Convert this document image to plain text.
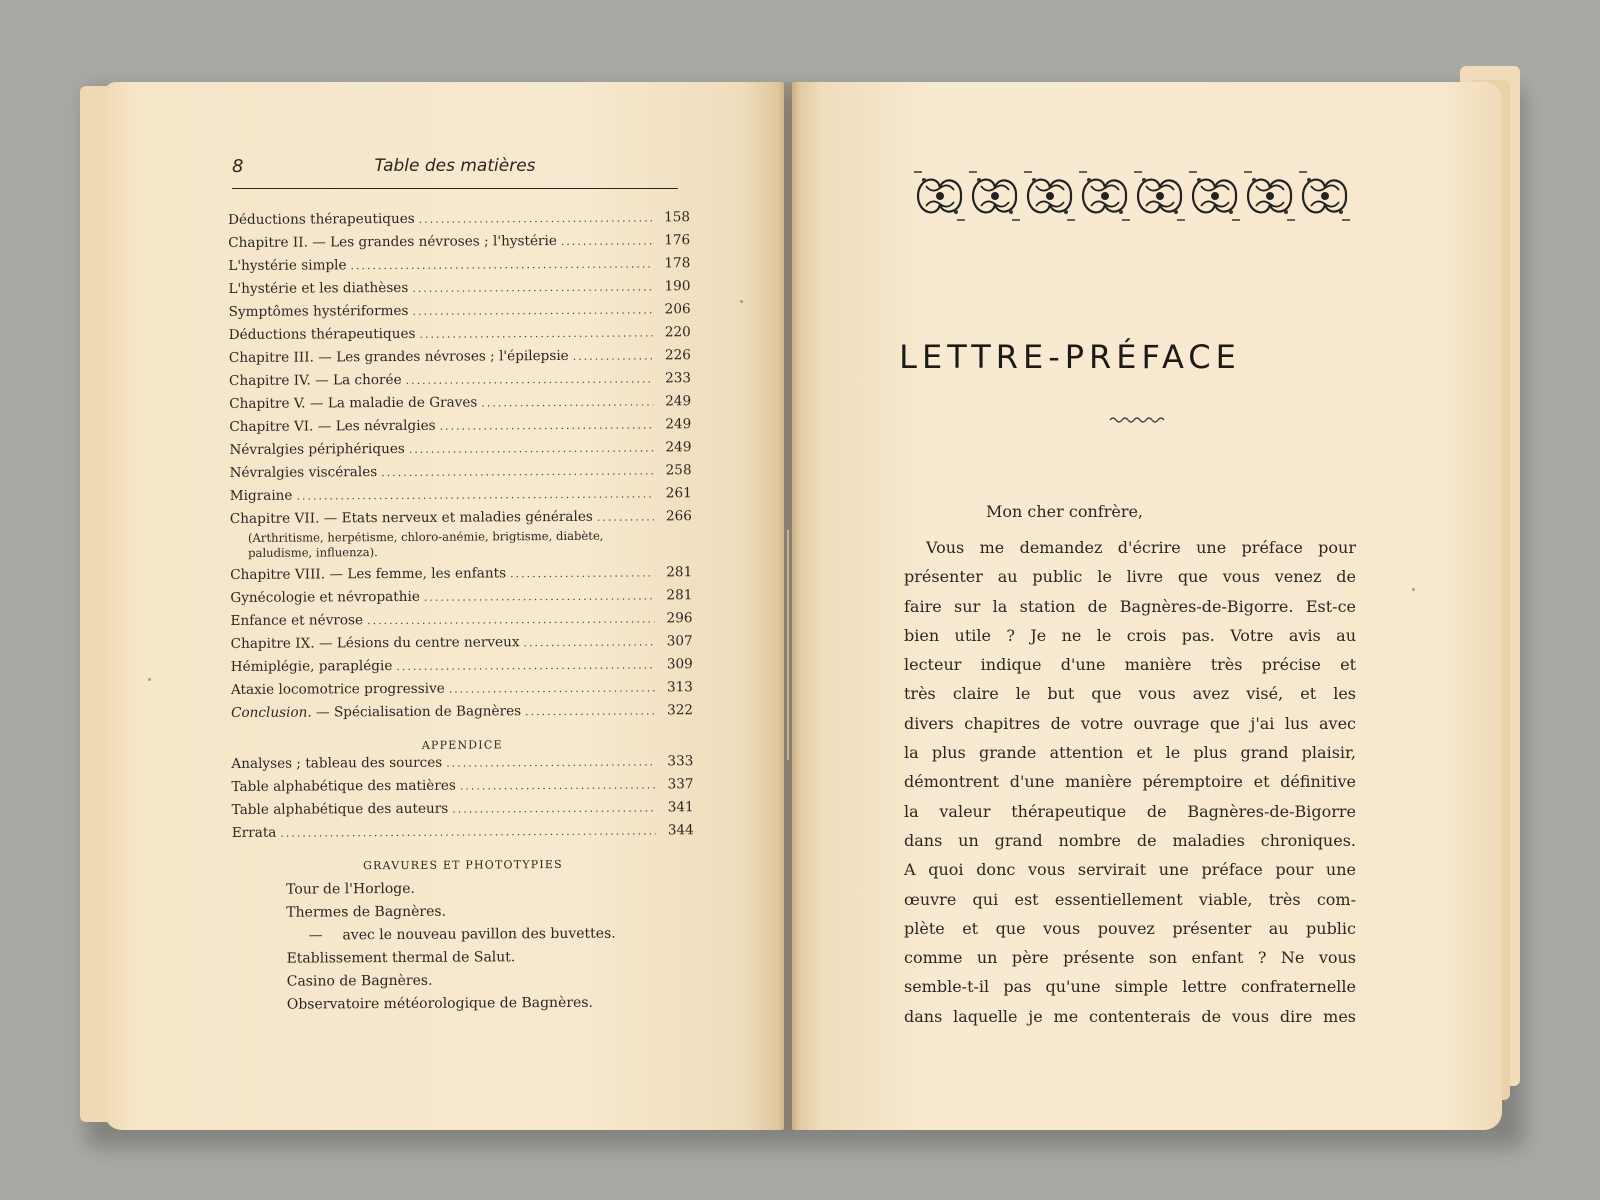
8	Table des matières
Déductions thérapeutiques .....	158
Chapitre II. — Les grandes névroses ; l'hystérie .....	176
L'hystérie simple .....	178
L'hystérie et les diathèses .....	190
Symptômes hystériformes .....	206
Déductions thérapeutiques .....	220
Chapitre III. — Les grandes névroses ; l'épilepsie .....	226
Chapitre IV. — La chorée .....	233
Chapitre V. — La maladie de Graves .....	249
Chapitre VI. — Les névralgies .....	249
Névralgies périphériques .....	249
Névralgies viscérales .....	258
Migraine .....	261
Chapitre VII. — Etats nerveux et maladies générales .....	266
(Arthritisme, herpétisme, chloro-anémie, brigtisme, diabète, paludisme, influenza).
Chapitre VIII. — Les femme, les enfants .....	281
Gynécologie et névropathie .....	281
Enfance et névrose .....	296
Chapitre IX. — Lésions du centre nerveux .....	307
Hémiplégie, paraplégie .....	309
Ataxie locomotrice progressive .....	313
Conclusion. — Spécialisation de Bagnères .....	322
APPENDICE
Analyses ; tableau des sources .....	333
Table alphabétique des matières .....	337
Table alphabétique des auteurs .....	341
Errata .....	344
GRAVURES ET PHOTOTYPIES
Tour de l'Horloge.
Thermes de Bagnères.
— avec le nouveau pavillon des buvettes.
Etablissement thermal de Salut.
Casino de Bagnères.
Observatoire météorologique de Bagnères.
LETTRE-PRÉFACE
Mon cher confrère,
Vous me demandez d'écrire une préface pour
présenter au public le livre que vous venez de
faire sur la station de Bagnères-de-Bigorre. Est-ce
bien utile ? Je ne le crois pas. Votre avis au
lecteur indique d'une manière très précise et
très claire le but que vous avez visé, et les
divers chapitres de votre ouvrage que j'ai lus avec
la plus grande attention et le plus grand plaisir,
démontrent d'une manière péremptoire et définitive
la valeur thérapeutique de Bagnères-de-Bigorre
dans un grand nombre de maladies chroniques.
A quoi donc vous servirait une préface pour une
œuvre qui est essentiellement viable, très com-
plète et que vous pouvez présenter au public
comme un père présente son enfant ? Ne vous
semble-t-il pas qu'une simple lettre confraternelle
dans laquelle je me contenterais de vous dire mes
